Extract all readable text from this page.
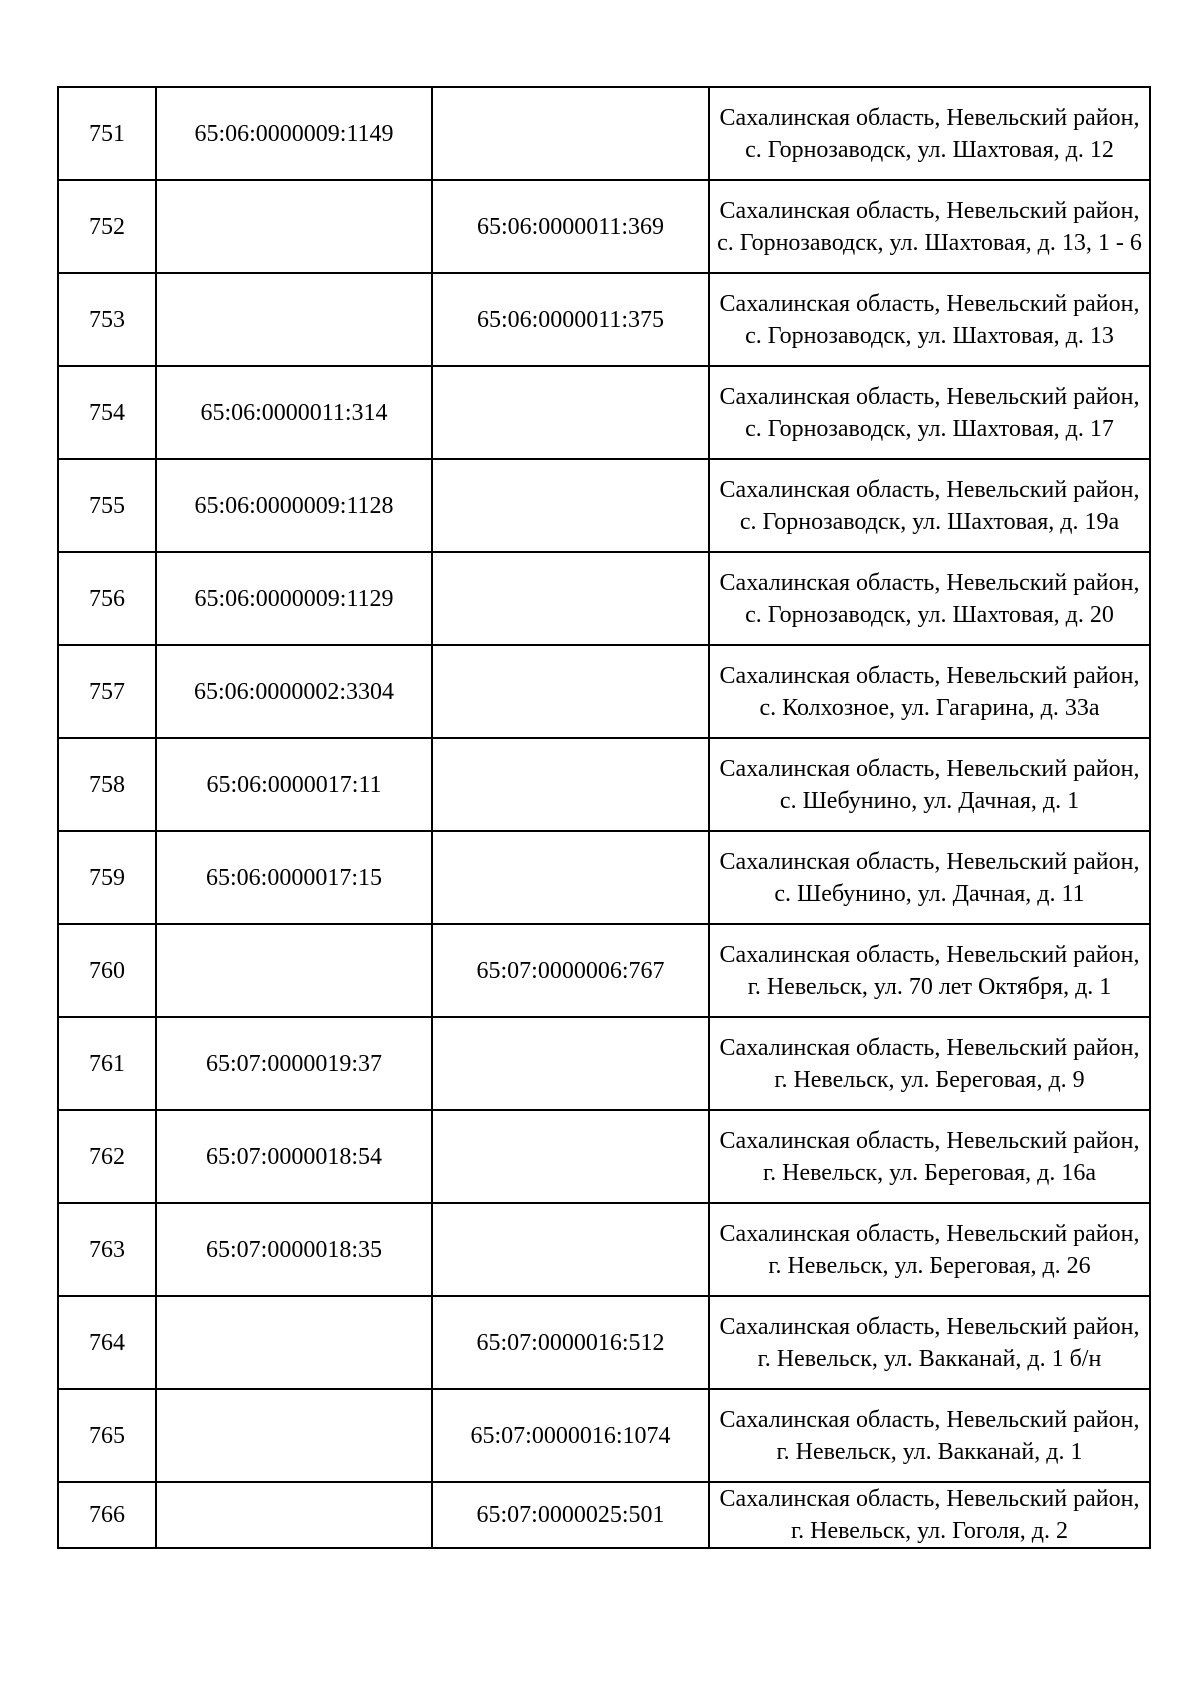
751	65:06:0000009:1149		Сахалинская область, Невельский район, с. Горнозаводск, ул. Шахтовая, д. 12
752		65:06:0000011:369	Сахалинская область, Невельский район, с. Горнозаводск, ул. Шахтовая, д. 13, 1 - 6
753		65:06:0000011:375	Сахалинская область, Невельский район, с. Горнозаводск, ул. Шахтовая, д. 13
754	65:06:0000011:314		Сахалинская область, Невельский район, с. Горнозаводск, ул. Шахтовая, д. 17
755	65:06:0000009:1128		Сахалинская область, Невельский район, с. Горнозаводск, ул. Шахтовая, д. 19а
756	65:06:0000009:1129		Сахалинская область, Невельский район, с. Горнозаводск, ул. Шахтовая, д. 20
757	65:06:0000002:3304		Сахалинская область, Невельский район, с. Колхозное, ул. Гагарина, д. 33а
758	65:06:0000017:11		Сахалинская область, Невельский район, с. Шебунино, ул. Дачная, д. 1
759	65:06:0000017:15		Сахалинская область, Невельский район, с. Шебунино, ул. Дачная, д. 11
760		65:07:0000006:767	Сахалинская область, Невельский район, г. Невельск, ул. 70 лет Октября, д. 1
761	65:07:0000019:37		Сахалинская область, Невельский район, г. Невельск, ул. Береговая, д. 9
762	65:07:0000018:54		Сахалинская область, Невельский район, г. Невельск, ул. Береговая, д. 16а
763	65:07:0000018:35		Сахалинская область, Невельский район, г. Невельск, ул. Береговая, д. 26
764		65:07:0000016:512	Сахалинская область, Невельский район, г. Невельск, ул. Вакканай, д. 1 б/н
765		65:07:0000016:1074	Сахалинская область, Невельский район, г. Невельск, ул. Вакканай, д. 1
766		65:07:0000025:501	Сахалинская область, Невельский район, г. Невельск, ул. Гоголя, д. 2
